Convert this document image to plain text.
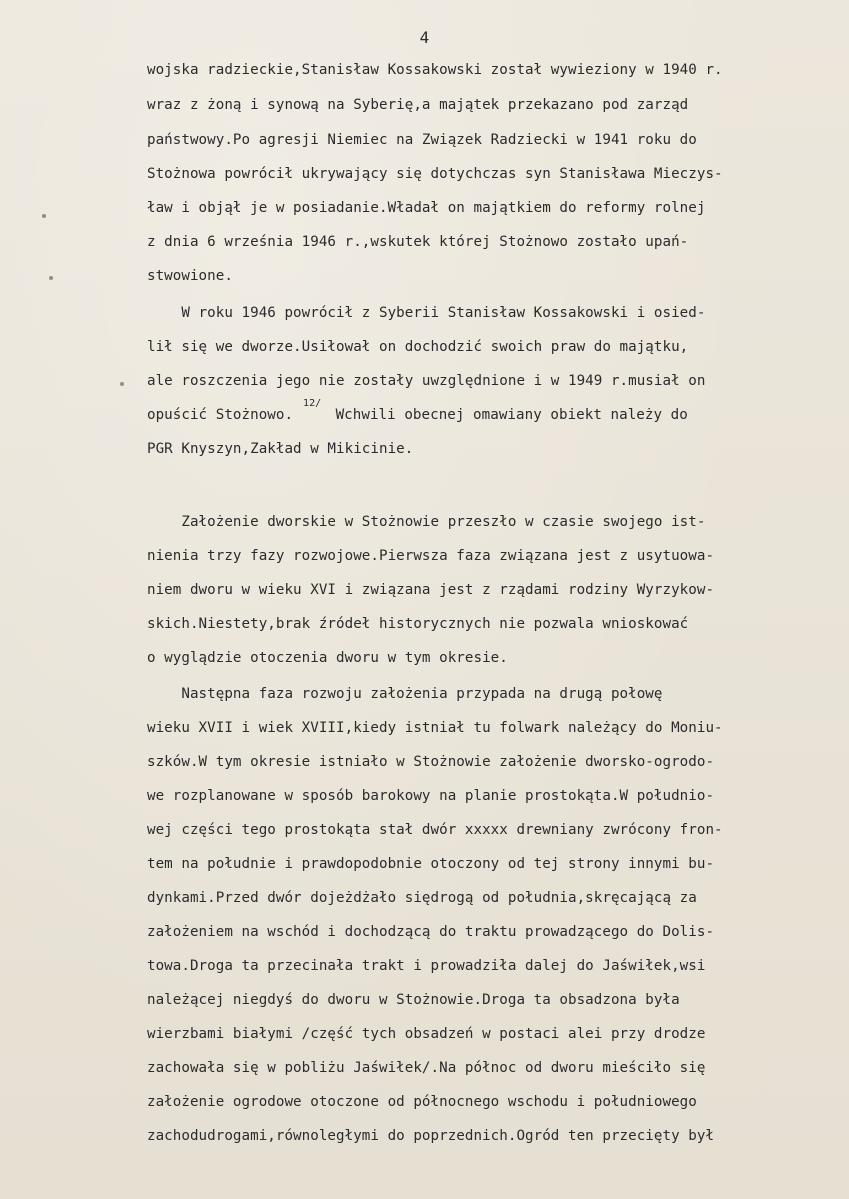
4
wojska radzieckie,Stanisław Kossakowski został wywieziony w 1940 r.
wraz z żoną i synową na Syberię,a majątek przekazano pod zarząd
państwowy.Po agresji Niemiec na Związek Radziecki w 1941 roku do
Stożnowa powrócił ukrywający się dotychczas syn Stanisława Mieczys-
ław i objął je w posiadanie.Władał on majątkiem do reformy rolnej
z dnia 6 września 1946 r.,wskutek której Stożnowo zostało upań-
stwowione.
W roku 1946 powrócił z Syberii Stanisław Kossakowski i osied-
lił się we dworze.Usiłował on dochodzić swoich praw do majątku,
ale roszczenia jego nie zostały uwzględnione i w 1949 r.musiał on
opuścić Stożnowo.
12/
Wchwili obecnej omawiany obiekt należy do
PGR Knyszyn,Zakład w Mikicinie.
Założenie dworskie w Stożnowie przeszło w czasie swojego ist-
nienia trzy fazy rozwojowe.Pierwsza faza związana jest z usytuowa-
niem dworu w wieku XVI i związana jest z rządami rodziny Wyrzykow-
skich.Niestety,brak źródeł historycznych nie pozwala wnioskować
o wyglądzie otoczenia dworu w tym okresie.
Następna faza rozwoju założenia przypada na drugą połowę
wieku XVII i wiek XVIII,kiedy istniał tu folwark należący do Moniu-
szków.W tym okresie istniało w Stożnowie założenie dworsko-ogrodo-
we rozplanowane w sposób barokowy na planie prostokąta.W południo-
wej części tego prostokąta stał dwór xxxxx drewniany zwrócony fron-
tem na południe i prawdopodobnie otoczony od tej strony innymi bu-
dynkami.Przed dwór dojeżdżało siędrogą od południa,skręcającą za
założeniem na wschód i dochodzącą do traktu prowadzącego do Dolis-
towa.Droga ta przecinała trakt i prowadziła dalej do Jaświłek,wsi
należącej niegdyś do dworu w Stożnowie.Droga ta obsadzona była
wierzbami białymi /część tych obsadzeń w postaci alei przy drodze
zachowała się w pobliżu Jaświłek/.Na północ od dworu mieściło się
założenie ogrodowe otoczone od północnego wschodu i południowego
zachodudrogami,równoległymi do poprzednich.Ogród ten przecięty był
